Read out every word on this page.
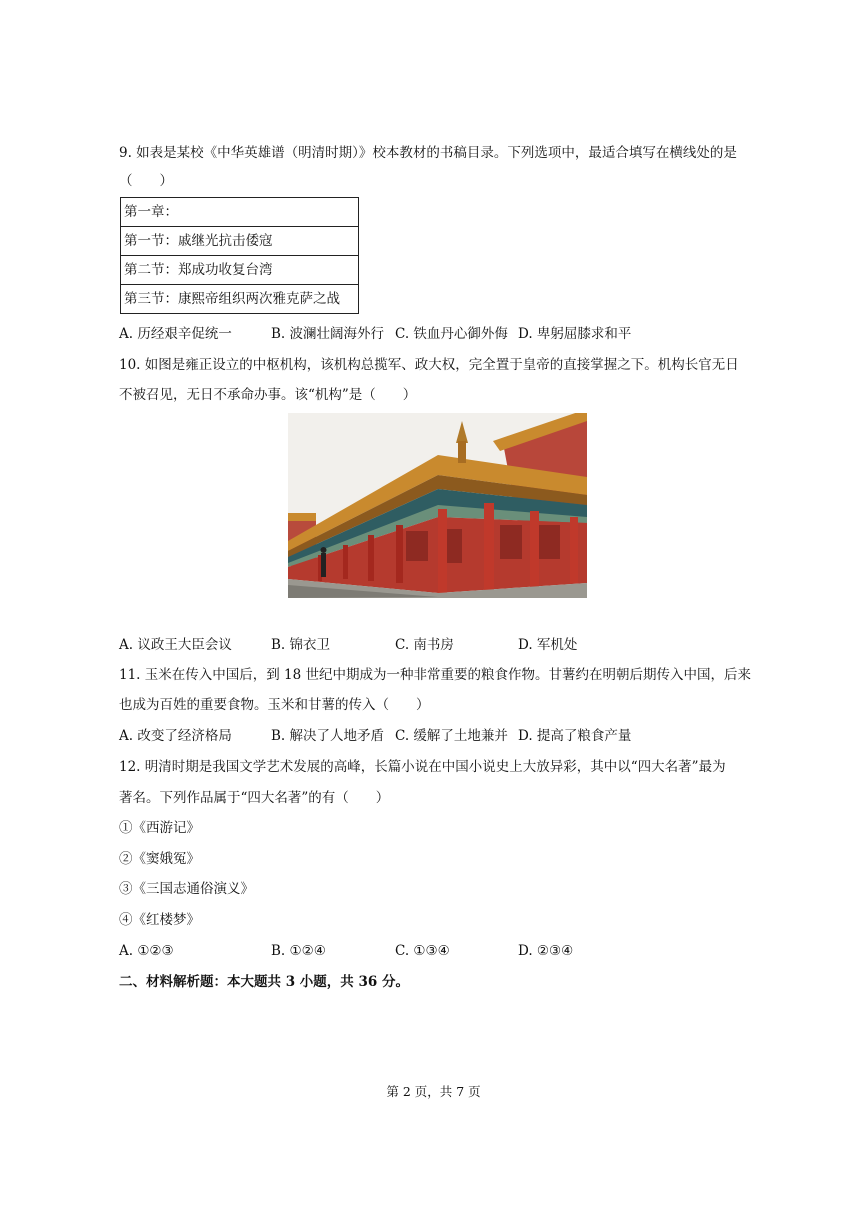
9. 如表是某校《中华英雄谱（明清时期）》校本教材的书稿目录。下列选项中，最适合填写在横线处的是
（　　）
第一章：
第一节：戚继光抗击倭寇
第二节：郑成功收复台湾
第三节：康熙帝组织两次雅克萨之战
A. 历经艰辛促统一	B. 波澜壮阔海外行 C. 铁血丹心御外侮 D. 卑躬屈膝求和平
10. 如图是雍正设立的中枢机构，该机构总揽军、政大权，完全置于皇帝的直接掌握之下。机构长官无日
不被召见，无日不承命办事。该“机构”是（　　）
A. 议政王大臣会议	B. 锦衣卫	C. 南书房	D. 军机处
11. 玉米在传入中国后，到 18 世纪中期成为一种非常重要的粮食作物。甘薯约在明朝后期传入中国，后来
也成为百姓的重要食物。玉米和甘薯的传入（　　）
A. 改变了经济格局	B. 解决了人地矛盾 C. 缓解了土地兼并 D. 提高了粮食产量
12. 明清时期是我国文学艺术发展的高峰，长篇小说在中国小说史上大放异彩，其中以“四大名著”最为
著名。下列作品属于“四大名著”的有（　　）
①《西游记》
②《窦娥冤》
③《三国志通俗演义》
④《红楼梦》
A. ①②③	B. ①②④	C. ①③④	D. ②③④
二、材料解析题：本大题共 3 小题，共 36 分。
第 2 页，共 7 页
